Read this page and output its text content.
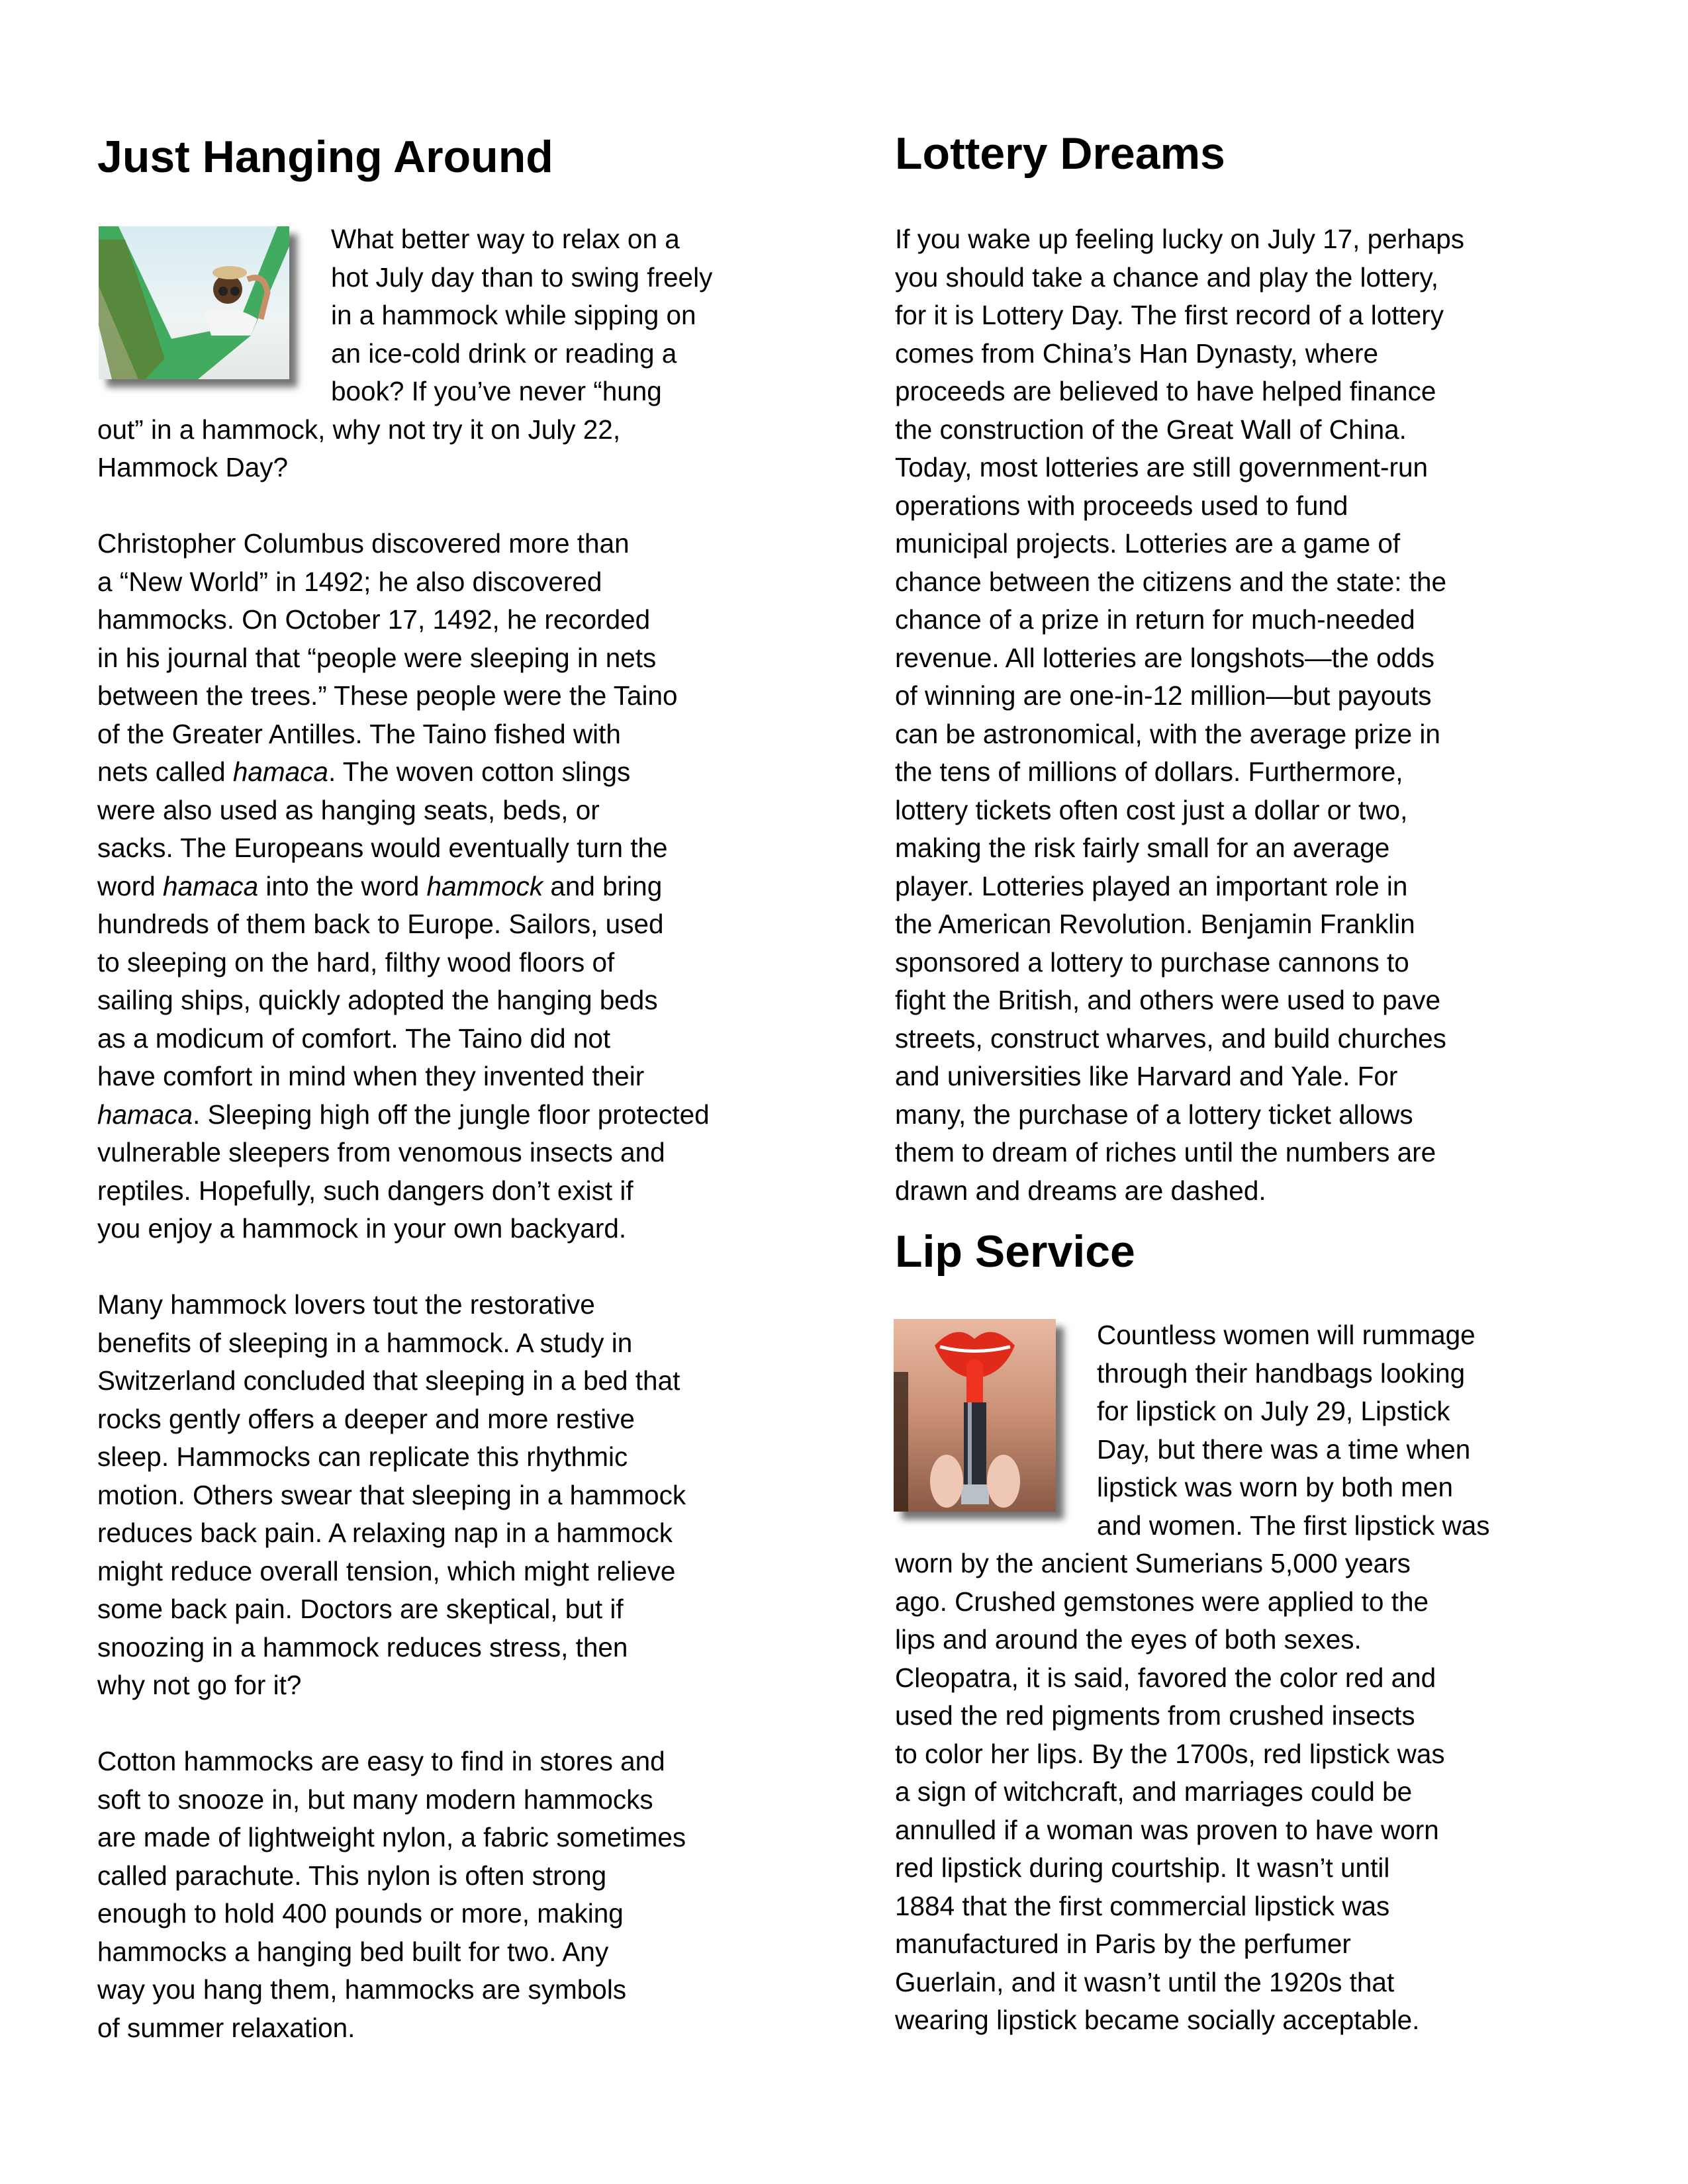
Just Hanging Around
What better way to relax on a
hot July day than to swing freely
in a hammock while sipping on
an ice-cold drink or reading a
book? If you’ve never “hung
out” in a hammock, why not try it on July 22,
Hammock Day?
Christopher Columbus discovered more than
a “New World” in 1492; he also discovered
hammocks. On October 17, 1492, he recorded
in his journal that “people were sleeping in nets
between the trees.” These people were the Taino
of the Greater Antilles. The Taino fished with
nets called hamaca. The woven cotton slings
were also used as hanging seats, beds, or
sacks. The Europeans would eventually turn the
word hamaca into the word hammock and bring
hundreds of them back to Europe. Sailors, used
to sleeping on the hard, filthy wood floors of
sailing ships, quickly adopted the hanging beds
as a modicum of comfort. The Taino did not
have comfort in mind when they invented their
hamaca. Sleeping high off the jungle floor protected
vulnerable sleepers from venomous insects and
reptiles. Hopefully, such dangers don’t exist if
you enjoy a hammock in your own backyard.
Many hammock lovers tout the restorative
benefits of sleeping in a hammock. A study in
Switzerland concluded that sleeping in a bed that
rocks gently offers a deeper and more restive
sleep. Hammocks can replicate this rhythmic
motion. Others swear that sleeping in a hammock
reduces back pain. A relaxing nap in a hammock
might reduce overall tension, which might relieve
some back pain. Doctors are skeptical, but if
snoozing in a hammock reduces stress, then
why not go for it?
Cotton hammocks are easy to find in stores and
soft to snooze in, but many modern hammocks
are made of lightweight nylon, a fabric sometimes
called parachute. This nylon is often strong
enough to hold 400 pounds or more, making
hammocks a hanging bed built for two. Any
way you hang them, hammocks are symbols
of summer relaxation.
Lottery Dreams
If you wake up feeling lucky on July 17, perhaps
you should take a chance and play the lottery,
for it is Lottery Day. The first record of a lottery
comes from China’s Han Dynasty, where
proceeds are believed to have helped finance
the construction of the Great Wall of China.
Today, most lotteries are still government-run
operations with proceeds used to fund
municipal projects. Lotteries are a game of
chance between the citizens and the state: the
chance of a prize in return for much-needed
revenue. All lotteries are longshots—the odds
of winning are one-in-12 million—but payouts
can be astronomical, with the average prize in
the tens of millions of dollars. Furthermore,
lottery tickets often cost just a dollar or two,
making the risk fairly small for an average
player. Lotteries played an important role in
the American Revolution. Benjamin Franklin
sponsored a lottery to purchase cannons to
fight the British, and others were used to pave
streets, construct wharves, and build churches
and universities like Harvard and Yale. For
many, the purchase of a lottery ticket allows
them to dream of riches until the numbers are
drawn and dreams are dashed.
Lip Service
Countless women will rummage
through their handbags looking
for lipstick on July 29, Lipstick
Day, but there was a time when
lipstick was worn by both men
and women. The first lipstick was
worn by the ancient Sumerians 5,000 years
ago. Crushed gemstones were applied to the
lips and around the eyes of both sexes.
Cleopatra, it is said, favored the color red and
used the red pigments from crushed insects
to color her lips. By the 1700s, red lipstick was
a sign of witchcraft, and marriages could be
annulled if a woman was proven to have worn
red lipstick during courtship. It wasn’t until
1884 that the first commercial lipstick was
manufactured in Paris by the perfumer
Guerlain, and it wasn’t until the 1920s that
wearing lipstick became socially acceptable.
